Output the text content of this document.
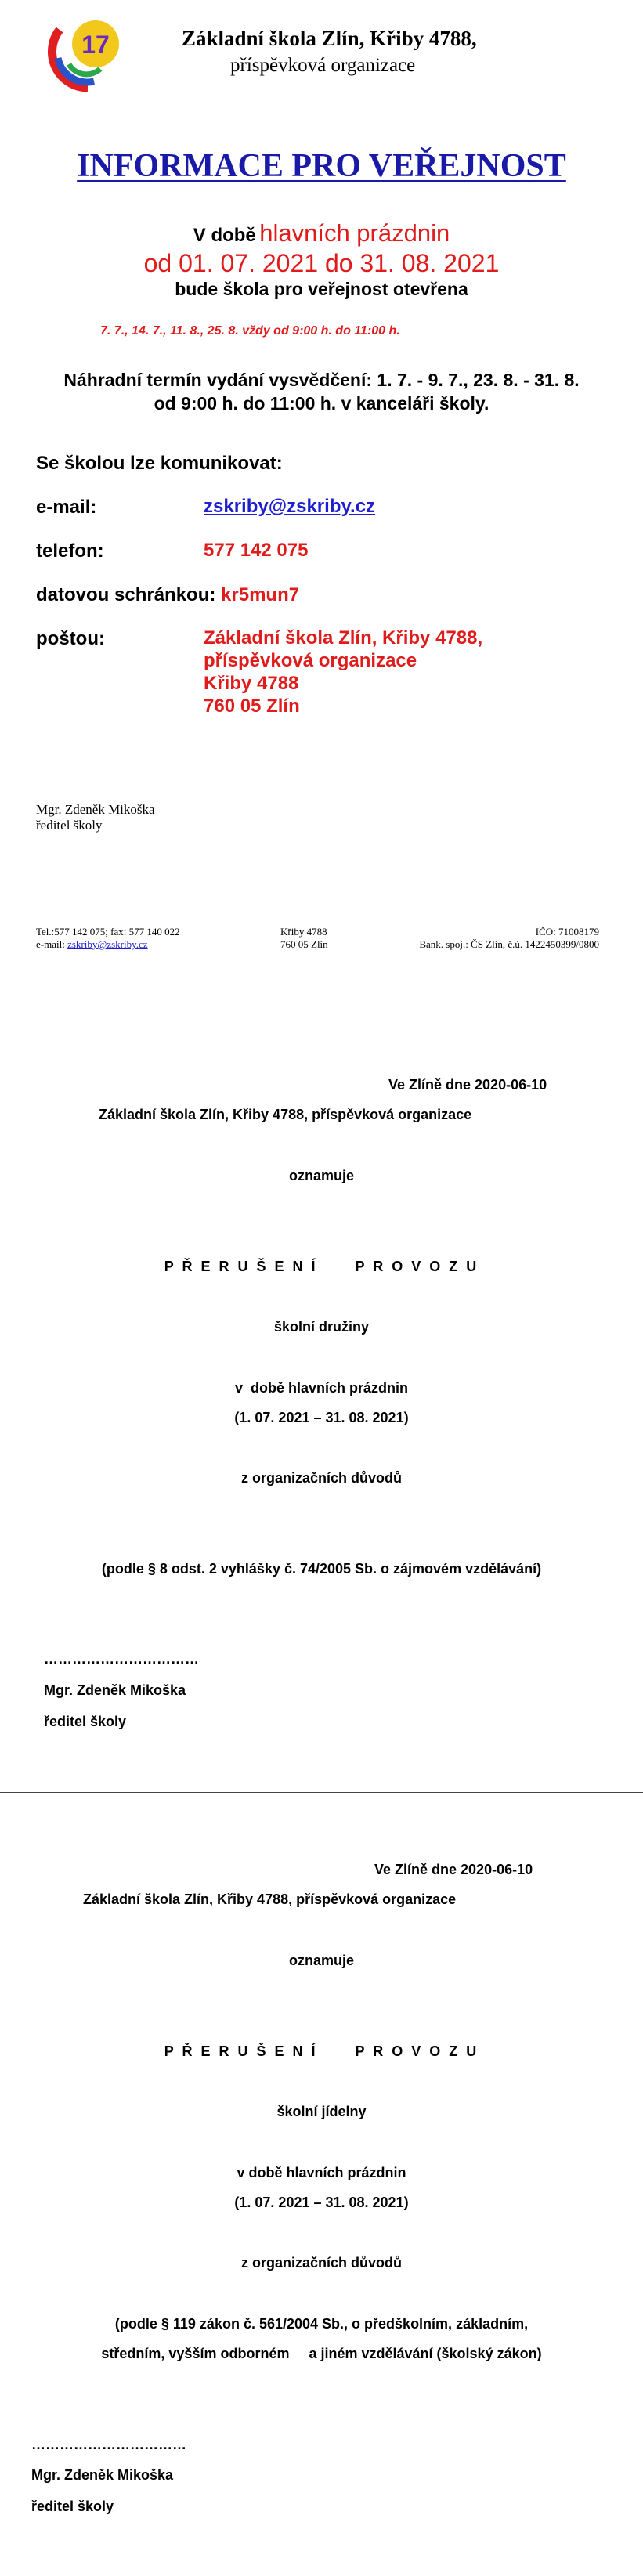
17	Základní škola Zlín, Křiby 4788,
příspěvková organizace
INFORMACE PRO VEŘEJNOST
V době hlavních prázdnin
od 01. 07. 2021 do 31. 08. 2021
bude škola pro veřejnost otevřena
7. 7., 14. 7., 11. 8., 25. 8. vždy od 9:00 h. do 11:00 h.
Náhradní termín vydání vysvědčení: 1. 7. - 9. 7., 23. 8. - 31. 8.
od 9:00 h. do 11:00 h. v kanceláři školy.
Se školou lze komunikovat:
e-mail:	zskriby@zskriby.cz
telefon:	577 142 075
datovou schránkou: kr5mun7
poštou:	Základní škola Zlín, Křiby 4788,
příspěvková organizace
Křiby 4788
760 05 Zlín
Mgr. Zdeněk Mikoška
ředitel školy
Tel.:577 142 075; fax: 577 140 022
e-mail: zskriby@zskriby.cz
Křiby 4788
760 05 Zlín
IČO: 71008179
Bank. spoj.: ČS Zlín, č.ú. 1422450399/0800
Ve Zlíně dne 2020-06-10
Základní škola Zlín, Křiby 4788, příspěvková organizace
oznamuje
P Ř E R U Š E N Í      P R O V O Z U
školní družiny
v  době hlavních prázdnin
(1. 07. 2021 – 31. 08. 2021)
z organizačních důvodů
(podle § 8 odst. 2 vyhlášky č. 74/2005 Sb. o zájmovém vzdělávání)
……………………………
Mgr. Zdeněk Mikoška
ředitel školy
Ve Zlíně dne 2020-06-10
Základní škola Zlín, Křiby 4788, příspěvková organizace
oznamuje
P Ř E R U Š E N Í      P R O V O Z U
školní jídelny
v době hlavních prázdnin
(1. 07. 2021 – 31. 08. 2021)
z organizačních důvodů
(podle § 119 zákon č. 561/2004 Sb., o předškolním, základním,
středním, vyšším odborném     a jiném vzdělávání (školský zákon)
……………………………
Mgr. Zdeněk Mikoška
ředitel školy
